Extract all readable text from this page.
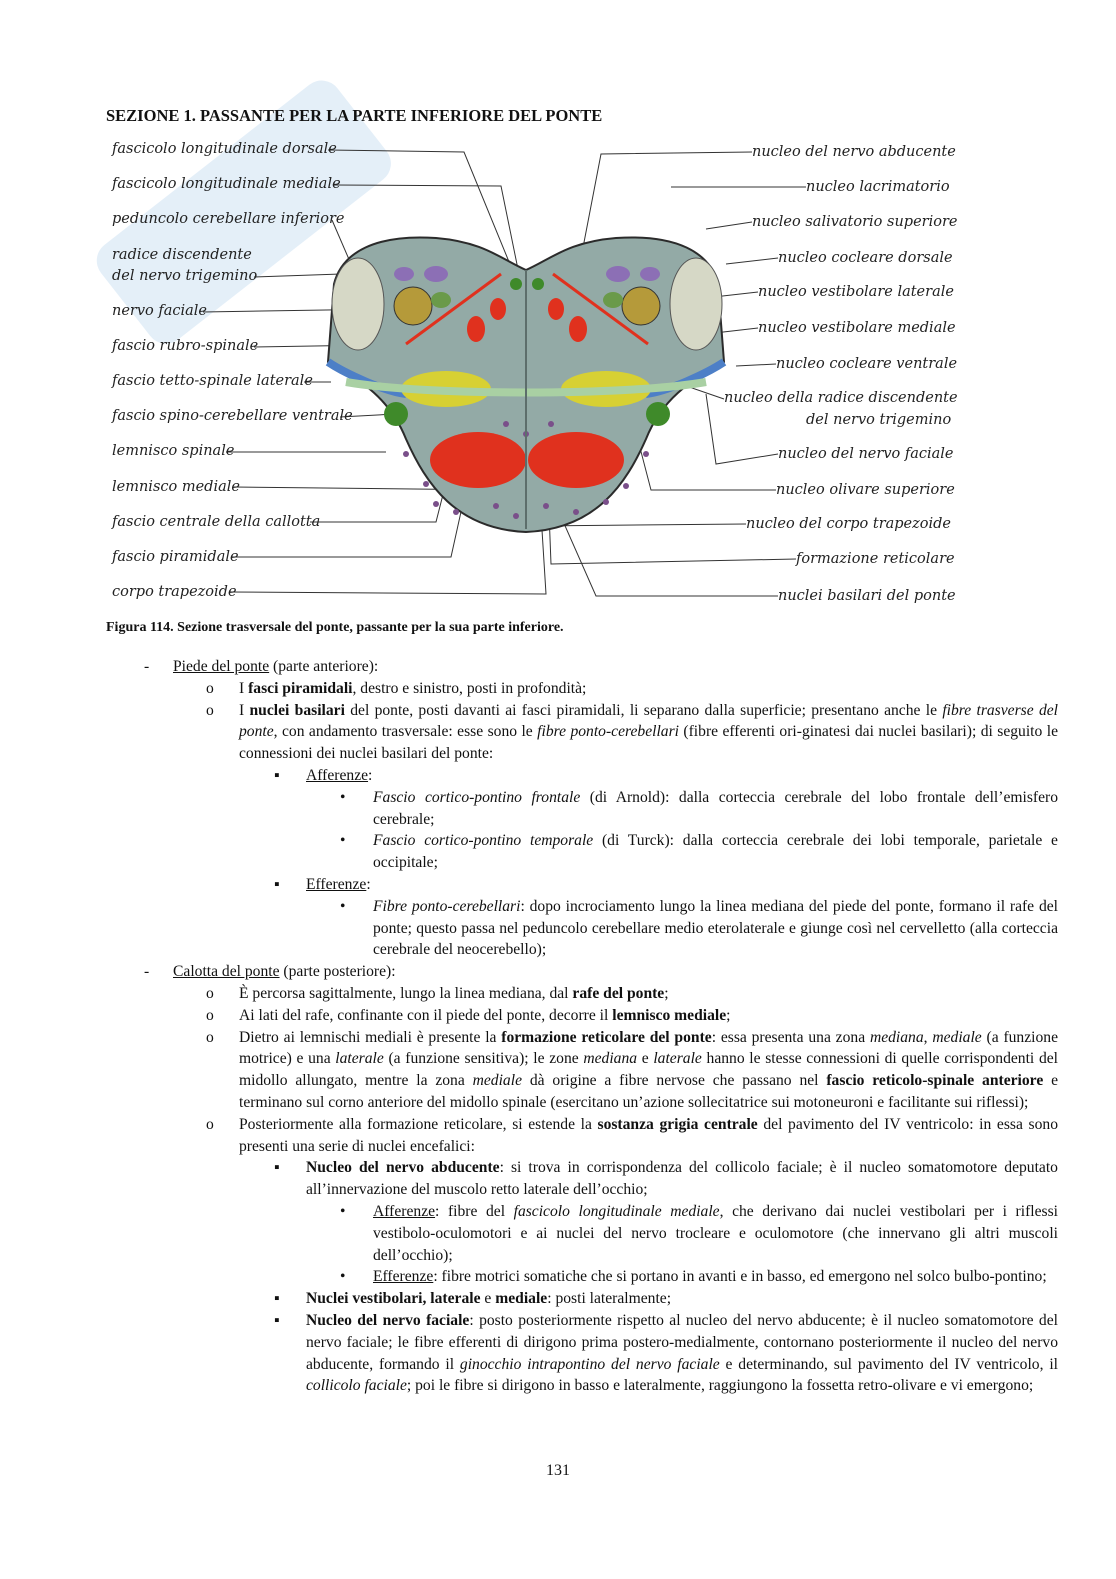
SEZIONE 1. PASSANTE PER LA PARTE INFERIORE DEL PONTE
fascicolo longitudinale dorsale
fascicolo longitudinale mediale
peduncolo cerebellare inferiore
radice discendente
del nervo trigemino
nervo faciale
fascio rubro-spinale
fascio tetto-spinale laterale
fascio spino-cerebellare ventrale
lemnisco spinale
lemnisco mediale
fascio centrale della callotta
fascio piramidale
corpo trapezoide
nucleo del nervo abducente
nucleo lacrimatorio
nucleo salivatorio superiore
nucleo cocleare dorsale
nucleo vestibolare laterale
nucleo vestibolare mediale
nucleo cocleare ventrale
nucleo della radice discendente
del nervo trigemino
nucleo del nervo faciale
nucleo olivare superiore
nucleo del corpo trapezoide
formazione reticolare
nuclei basilari del ponte

Figura 114. Sezione trasversale del ponte, passante per la sua parte inferiore.

- Piede del ponte (parte anteriore):
o I fasci piramidali, destro e sinistro, posti in profondità;
o I nuclei basilari del ponte, posti davanti ai fasci piramidali, li separano dalla superficie; presentano anche le fibre trasverse del ponte, con andamento trasversale: esse sono le fibre ponto-cerebellari (fibre efferenti ori-ginatesi dai nuclei basilari); di seguito le connessioni dei nuclei basilari del ponte:
▪ Afferenze:
• Fascio cortico-pontino frontale (di Arnold): dalla corteccia cerebrale del lobo frontale dell’emisfero cerebrale;
• Fascio cortico-pontino temporale (di Turck): dalla corteccia cerebrale dei lobi temporale, parietale e occipitale;
▪ Efferenze:
• Fibre ponto-cerebellari: dopo incrociamento lungo la linea mediana del piede del ponte, formano il rafe del ponte; questo passa nel peduncolo cerebellare medio eterolaterale e giunge così nel cervelletto (alla corteccia cerebrale del neocerebello);
- Calotta del ponte (parte posteriore):
o È percorsa sagittalmente, lungo la linea mediana, dal rafe del ponte;
o Ai lati del rafe, confinante con il piede del ponte, decorre il lemnisco mediale;
o Dietro ai lemnischi mediali è presente la formazione reticolare del ponte: essa presenta una zona mediana, mediale (a funzione motrice) e una laterale (a funzione sensitiva); le zone mediana e laterale hanno le stesse connessioni di quelle corrispondenti del midollo allungato, mentre la zona mediale dà origine a fibre nervose che passano nel fascio reticolo-spinale anteriore e terminano sul corno anteriore del midollo spinale (esercitano un’azione sollecitatrice sui motoneuroni e facilitante sui riflessi);
o Posteriormente alla formazione reticolare, si estende la sostanza grigia centrale del pavimento del IV ventricolo: in essa sono presenti una serie di nuclei encefalici:
▪ Nucleo del nervo abducente: si trova in corrispondenza del collicolo faciale; è il nucleo somatomotore deputato all’innervazione del muscolo retto laterale dell’occhio;
• Afferenze: fibre del fascicolo longitudinale mediale, che derivano dai nuclei vestibolari per i riflessi vestibolo-oculomotori e ai nuclei del nervo trocleare e oculomotore (che innervano gli altri muscoli dell’occhio);
• Efferenze: fibre motrici somatiche che si portano in avanti e in basso, ed emergono nel solco bulbo-pontino;
▪ Nuclei vestibolari, laterale e mediale: posti lateralmente;
▪ Nucleo del nervo faciale: posto posteriormente rispetto al nucleo del nervo abducente; è il nucleo somatomotore del nervo faciale; le fibre efferenti di dirigono prima postero-medialmente, contornano posteriormente il nucleo del nervo abducente, formando il ginocchio intrapontino del nervo faciale e determinando, sul pavimento del IV ventricolo, il collicolo faciale; poi le fibre si dirigono in basso e lateralmente, raggiungono la fossetta retro-olivare e vi emergono;
131
